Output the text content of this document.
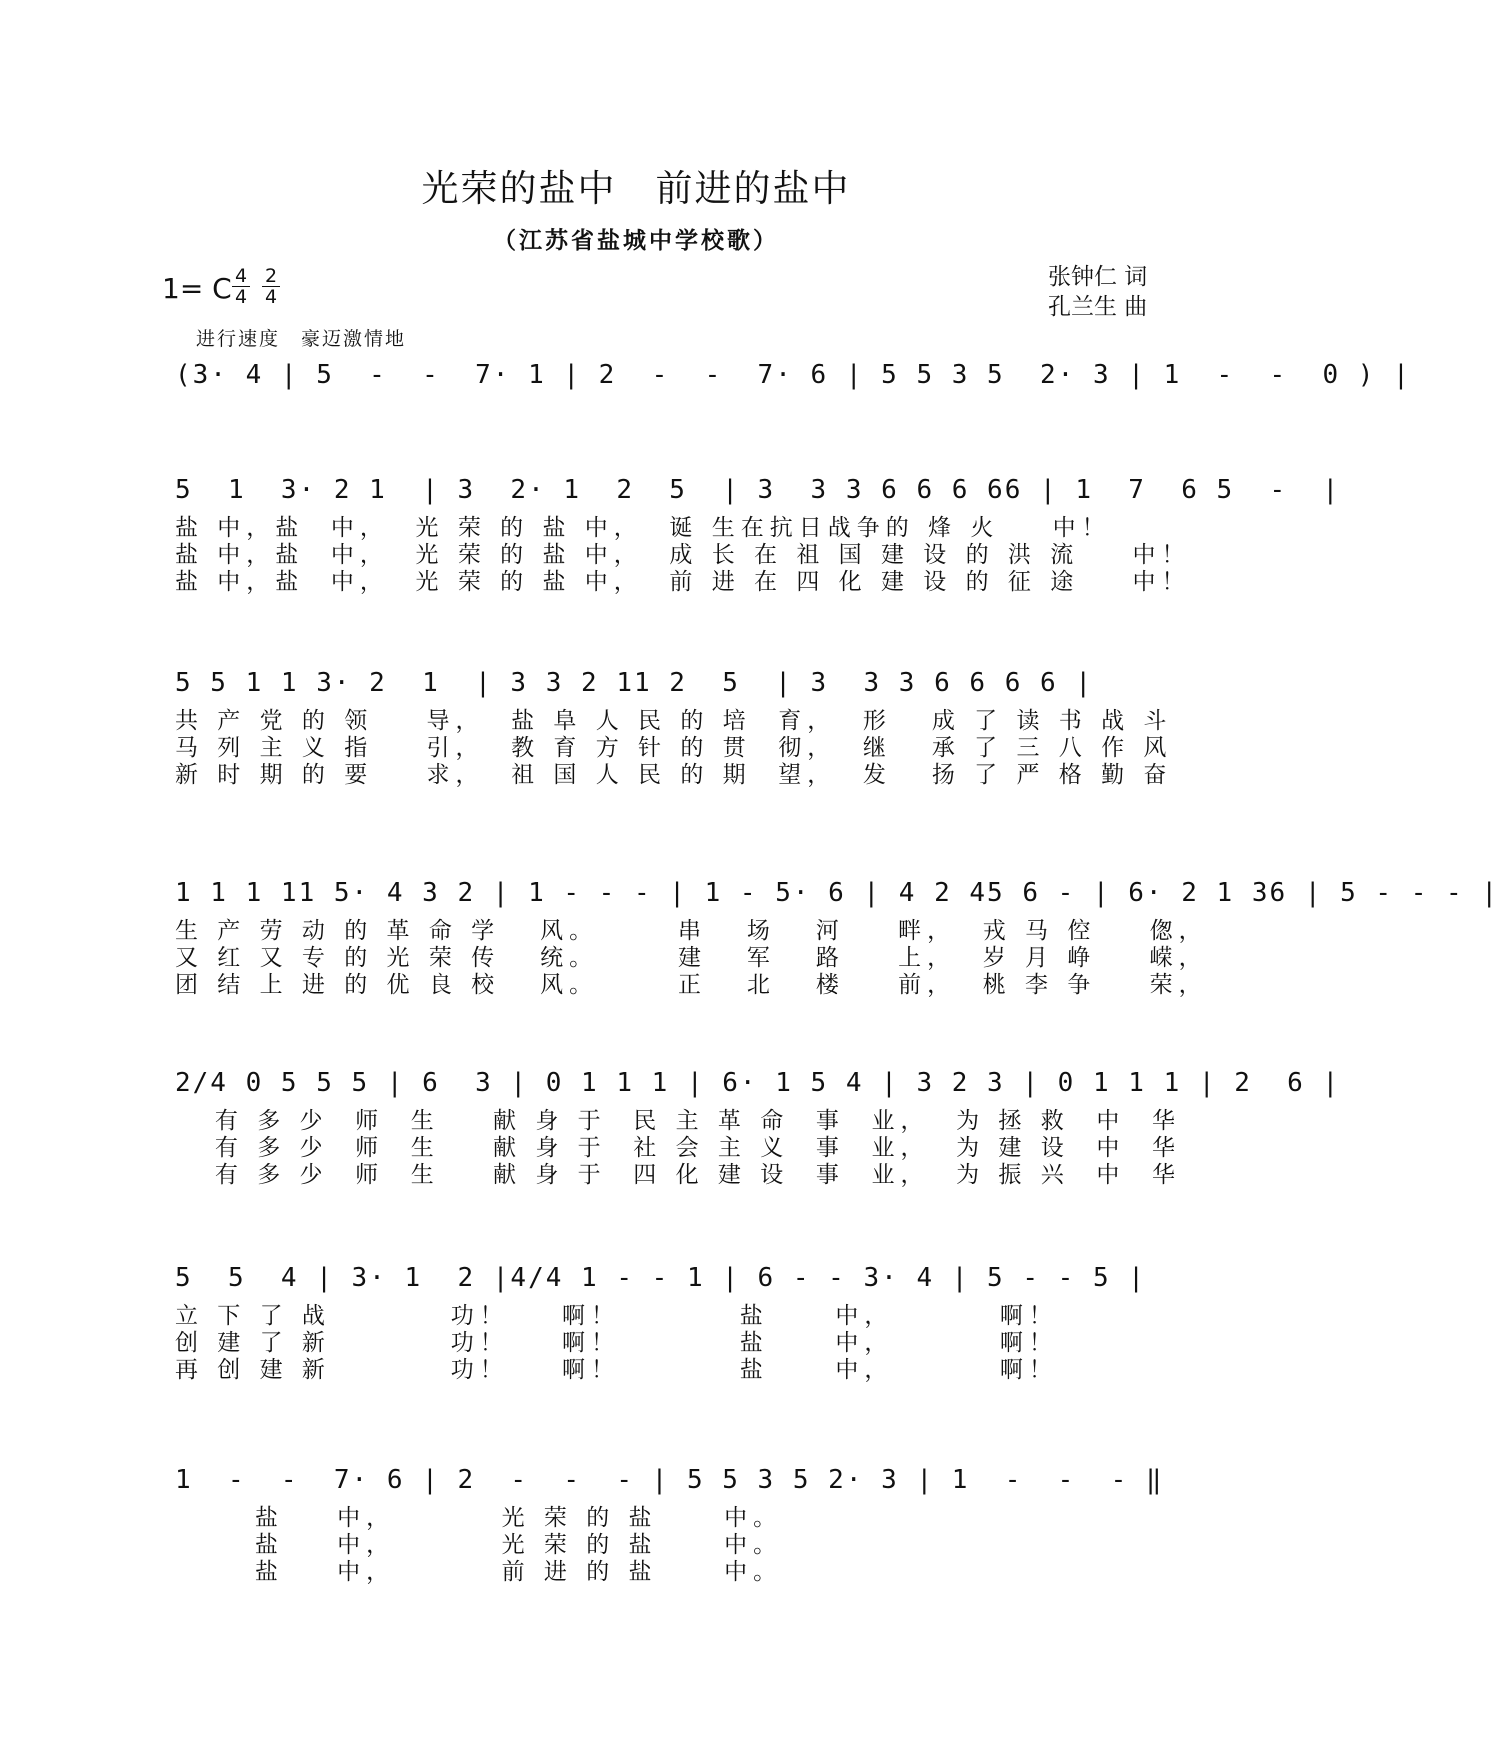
光荣的盐中　前进的盐中
（江苏省盐城中学校歌）
张钟仁 词
孔兰生 曲
1= C 4
4
2
4
进行速度　豪迈激情地
(3· 4 | 5  -  -  7· 1 | 2  -  -  7· 6 | 5 5 3 5  2· 3 | 1  -  -  0 ) |
5  1  3· 2 1  | 3  2· 1  2  5  | 3  3 3 6 6 6 66 | 1  7  6 5  -  |
盐 中，盐  中，  光 荣 的 盐 中，  诞 生在抗日战争的 烽 火    中！
盐 中，盐  中，  光 荣 的 盐 中，  成 长 在 祖 国 建 设 的 洪 流    中！
盐 中，盐  中，  光 荣 的 盐 中，  前 进 在 四 化 建 设 的 征 途    中！
5 5 1 1 3· 2  1  | 3 3 2 11 2  5  | 3  3 3 6 6 6 6 |
共 产 党 的 领    导，  盐 阜 人 民 的 培  育，  形   成 了 读 书 战 斗
马 列 主 义 指    引，  教 育 方 针 的 贯  彻，  继   承 了 三 八 作 风
新 时 期 的 要    求，  祖 国 人 民 的 期  望，  发   扬 了 严 格 勤 奋
1 1 1 11 5· 4 3 2 | 1 - - - | 1 - 5· 6 | 4 2 45 6 - | 6· 2 1 36 | 5 - - - |
生 产 劳 动 的 革 命 学   风。      串   场   河    畔，  戎 马 倥    偬，
又 红 又 专 的 光 荣 传   统。      建   军   路    上，  岁 月 峥    嵘，
团 结 上 进 的 优 良 校   风。      正   北   楼    前，  桃 李 争    荣，
2/4 0 5 5 5 | 6  3 | 0 1 1 1 | 6· 1 5 4 | 3 2 3 | 0 1 1 1 | 2  6 |
有 多 少  师  生    献 身 于  民 主 革 命  事  业，  为 拯 救  中  华
有 多 少  师  生    献 身 于  社 会 主 义  事  业，  为 建 设  中  华
有 多 少  师  生    献 身 于  四 化 建 设  事  业，  为 振 兴  中  华
5  5  4 | 3· 1  2 |4/4 1 - - 1 | 6 - - 3· 4 | 5 - - 5 |
立 下 了 战         功！    啊！         盐     中，        啊！
创 建 了 新         功！    啊！         盐     中，        啊！
再 创 建 新         功！    啊！         盐     中，        啊！
1  -  -  7· 6 | 2  -  -  - | 5 5 3 5 2· 3 | 1  -  -  - ‖
盐    中，        光 荣 的 盐     中。
盐    中，        光 荣 的 盐     中。
盐    中，        前 进 的 盐     中。
